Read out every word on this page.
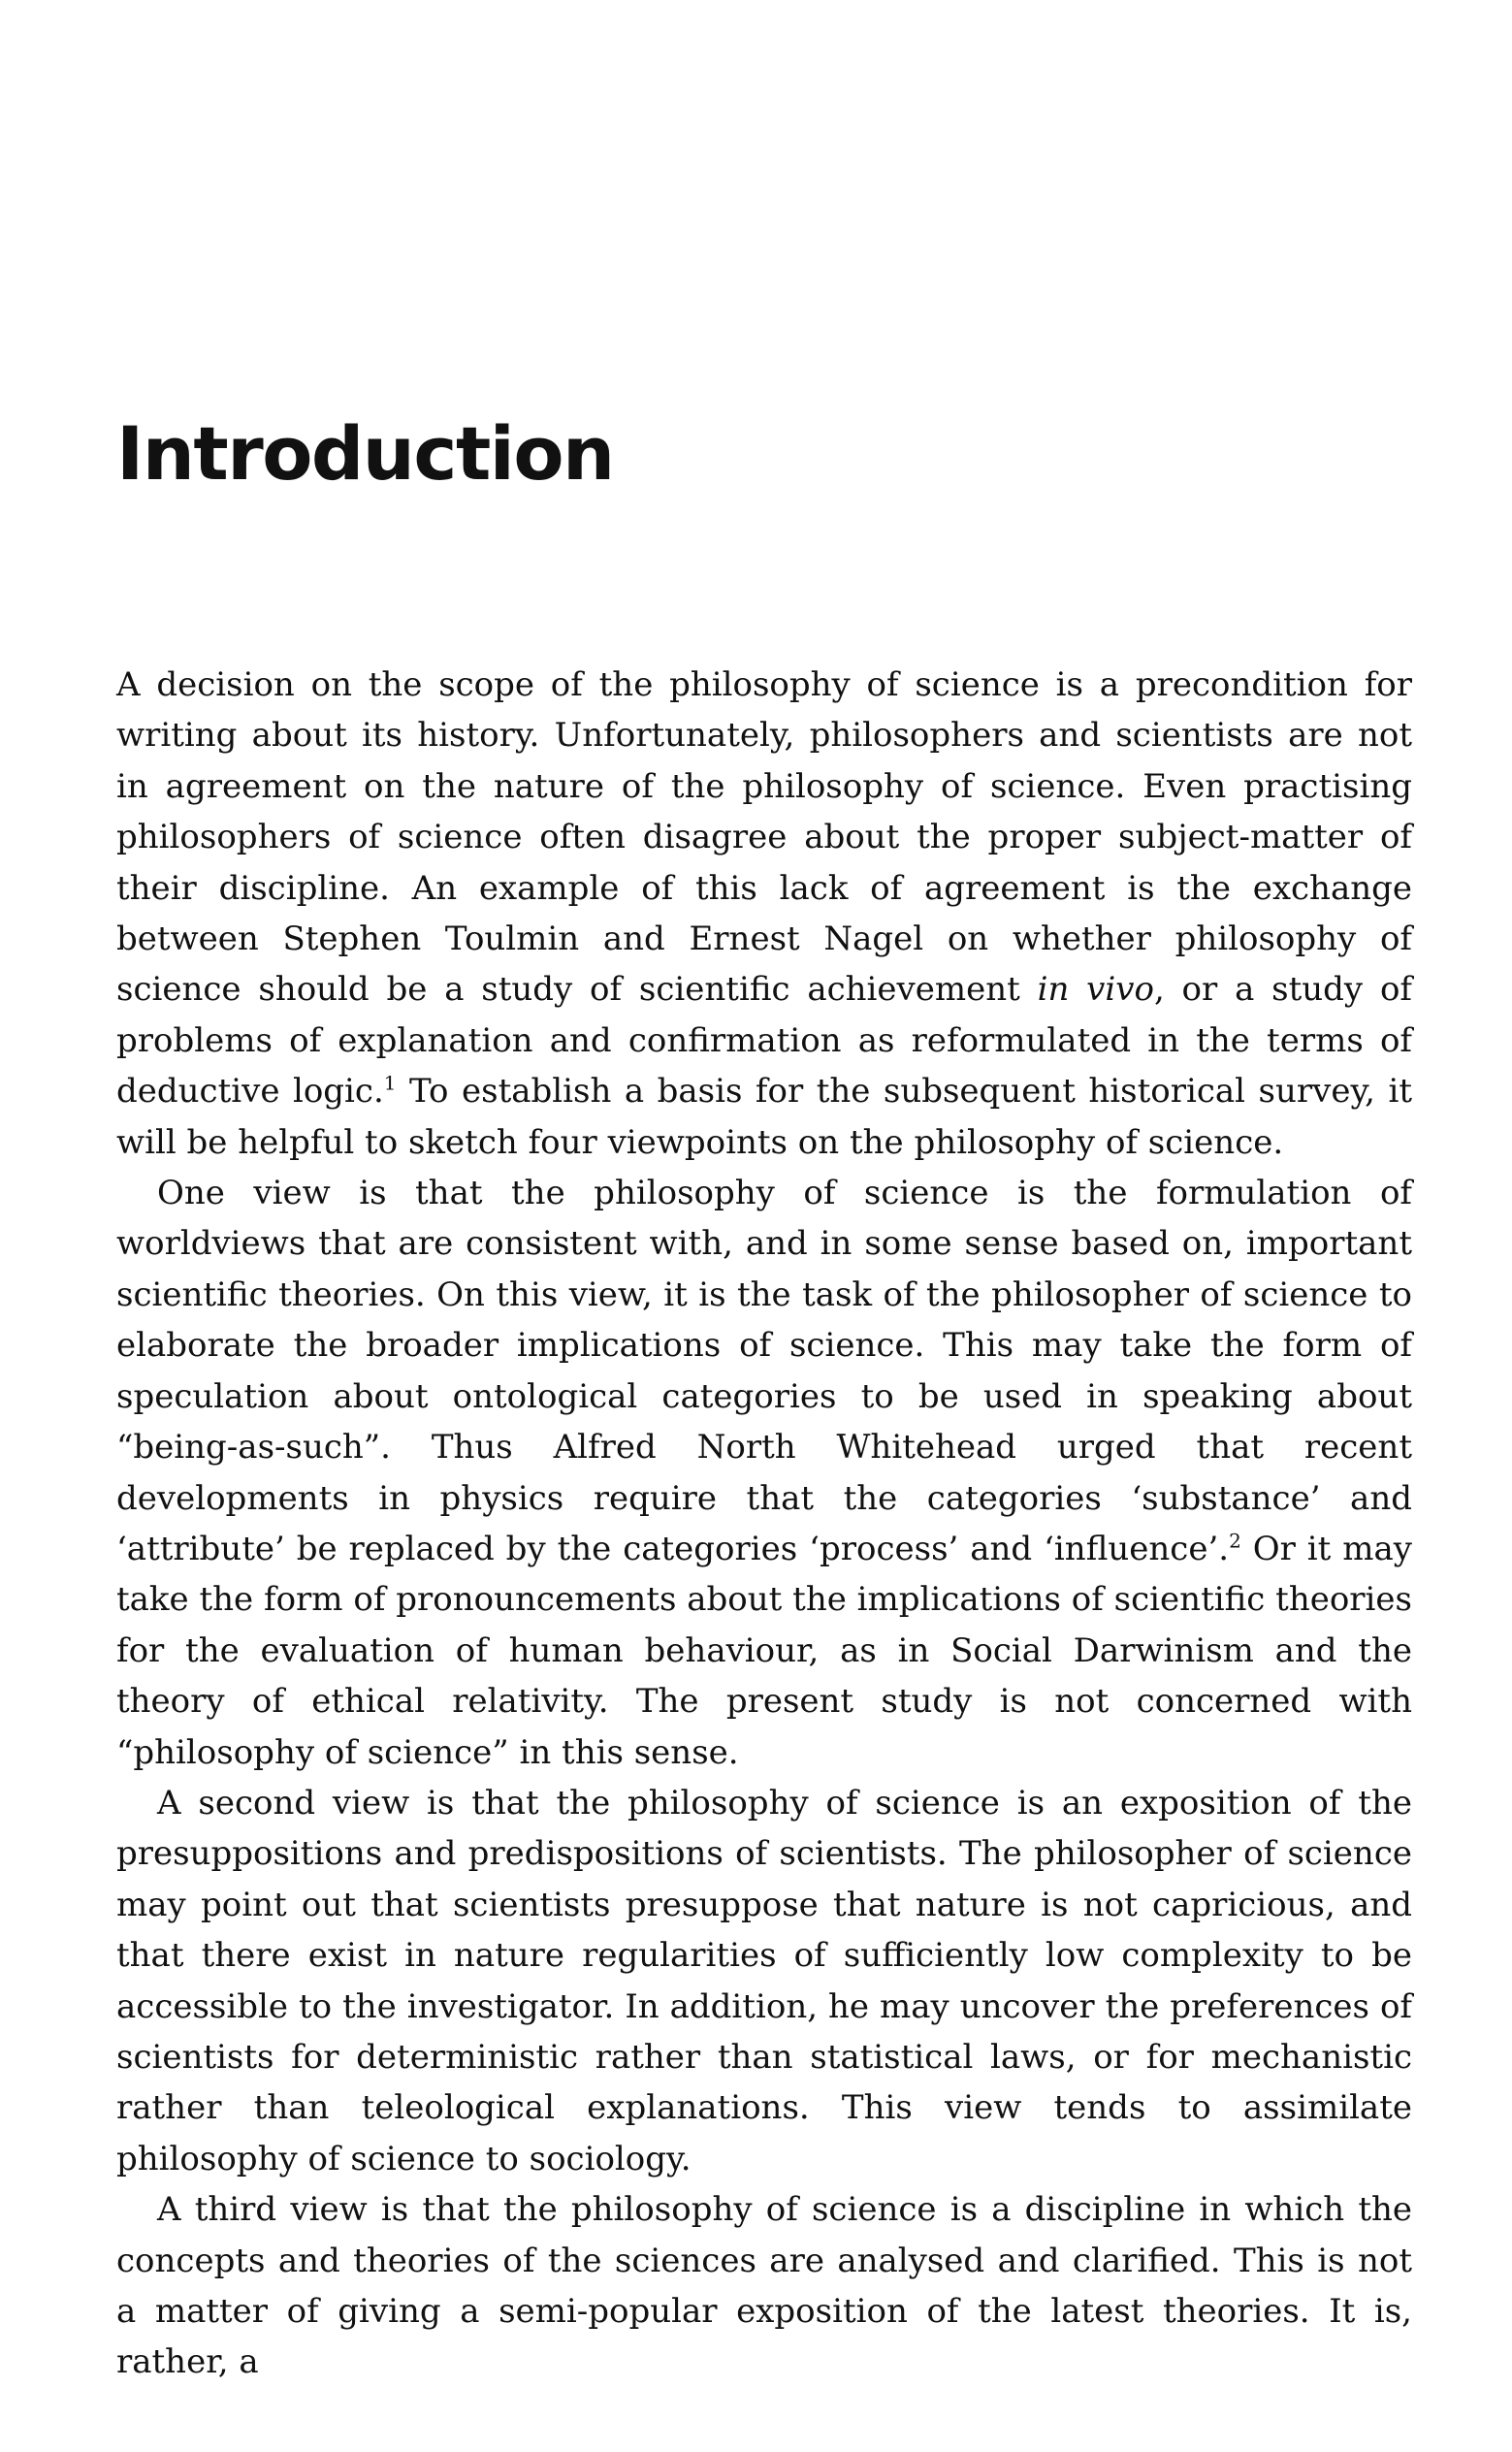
Introduction

A decision on the scope of the philosophy of science is a precondition for writing about its history. Unfortunately, philosophers and scientists are not in agreement on the nature of the philosophy of science. Even practising philosophers of science often disagree about the proper subject-matter of their discipline. An example of this lack of agreement is the exchange between Stephen Toulmin and Ernest Nagel on whether philosophy of science should be a study of scientific achievement in vivo, or a study of problems of explanation and confirmation as reformulated in the terms of deductive logic.$^1$ To establish a basis for the subsequent historical survey, it will be helpful to sketch four viewpoints on the philosophy of science.

One view is that the philosophy of science is the formulation of worldviews that are consistent with, and in some sense based on, important scientific theories. On this view, it is the task of the philosopher of science to elaborate the broader implications of science. This may take the form of speculation about ontological categories to be used in speaking about “being-as-such”. Thus Alfred North Whitehead urged that recent developments in physics require that the categories ‘substance’ and ‘attribute’ be replaced by the categories ‘process’ and ‘influence’.$^2$ Or it may take the form of pronouncements about the implications of scientific theories for the evaluation of human behaviour, as in Social Darwinism and the theory of ethical relativity. The present study is not concerned with “philosophy of science” in this sense.

A second view is that the philosophy of science is an exposition of the presuppositions and predispositions of scientists. The philosopher of science may point out that scientists presuppose that nature is not capricious, and that there exist in nature regularities of sufficiently low complexity to be accessible to the investigator. In addition, he may uncover the preferences of scientists for deterministic rather than statistical laws, or for mechanistic rather than teleological explanations. This view tends to assimilate philosophy of science to sociology.

A third view is that the philosophy of science is a discipline in which the concepts and theories of the sciences are analysed and clarified. This is not a matter of giving a semi-popular exposition of the latest theories. It is, rather, a
